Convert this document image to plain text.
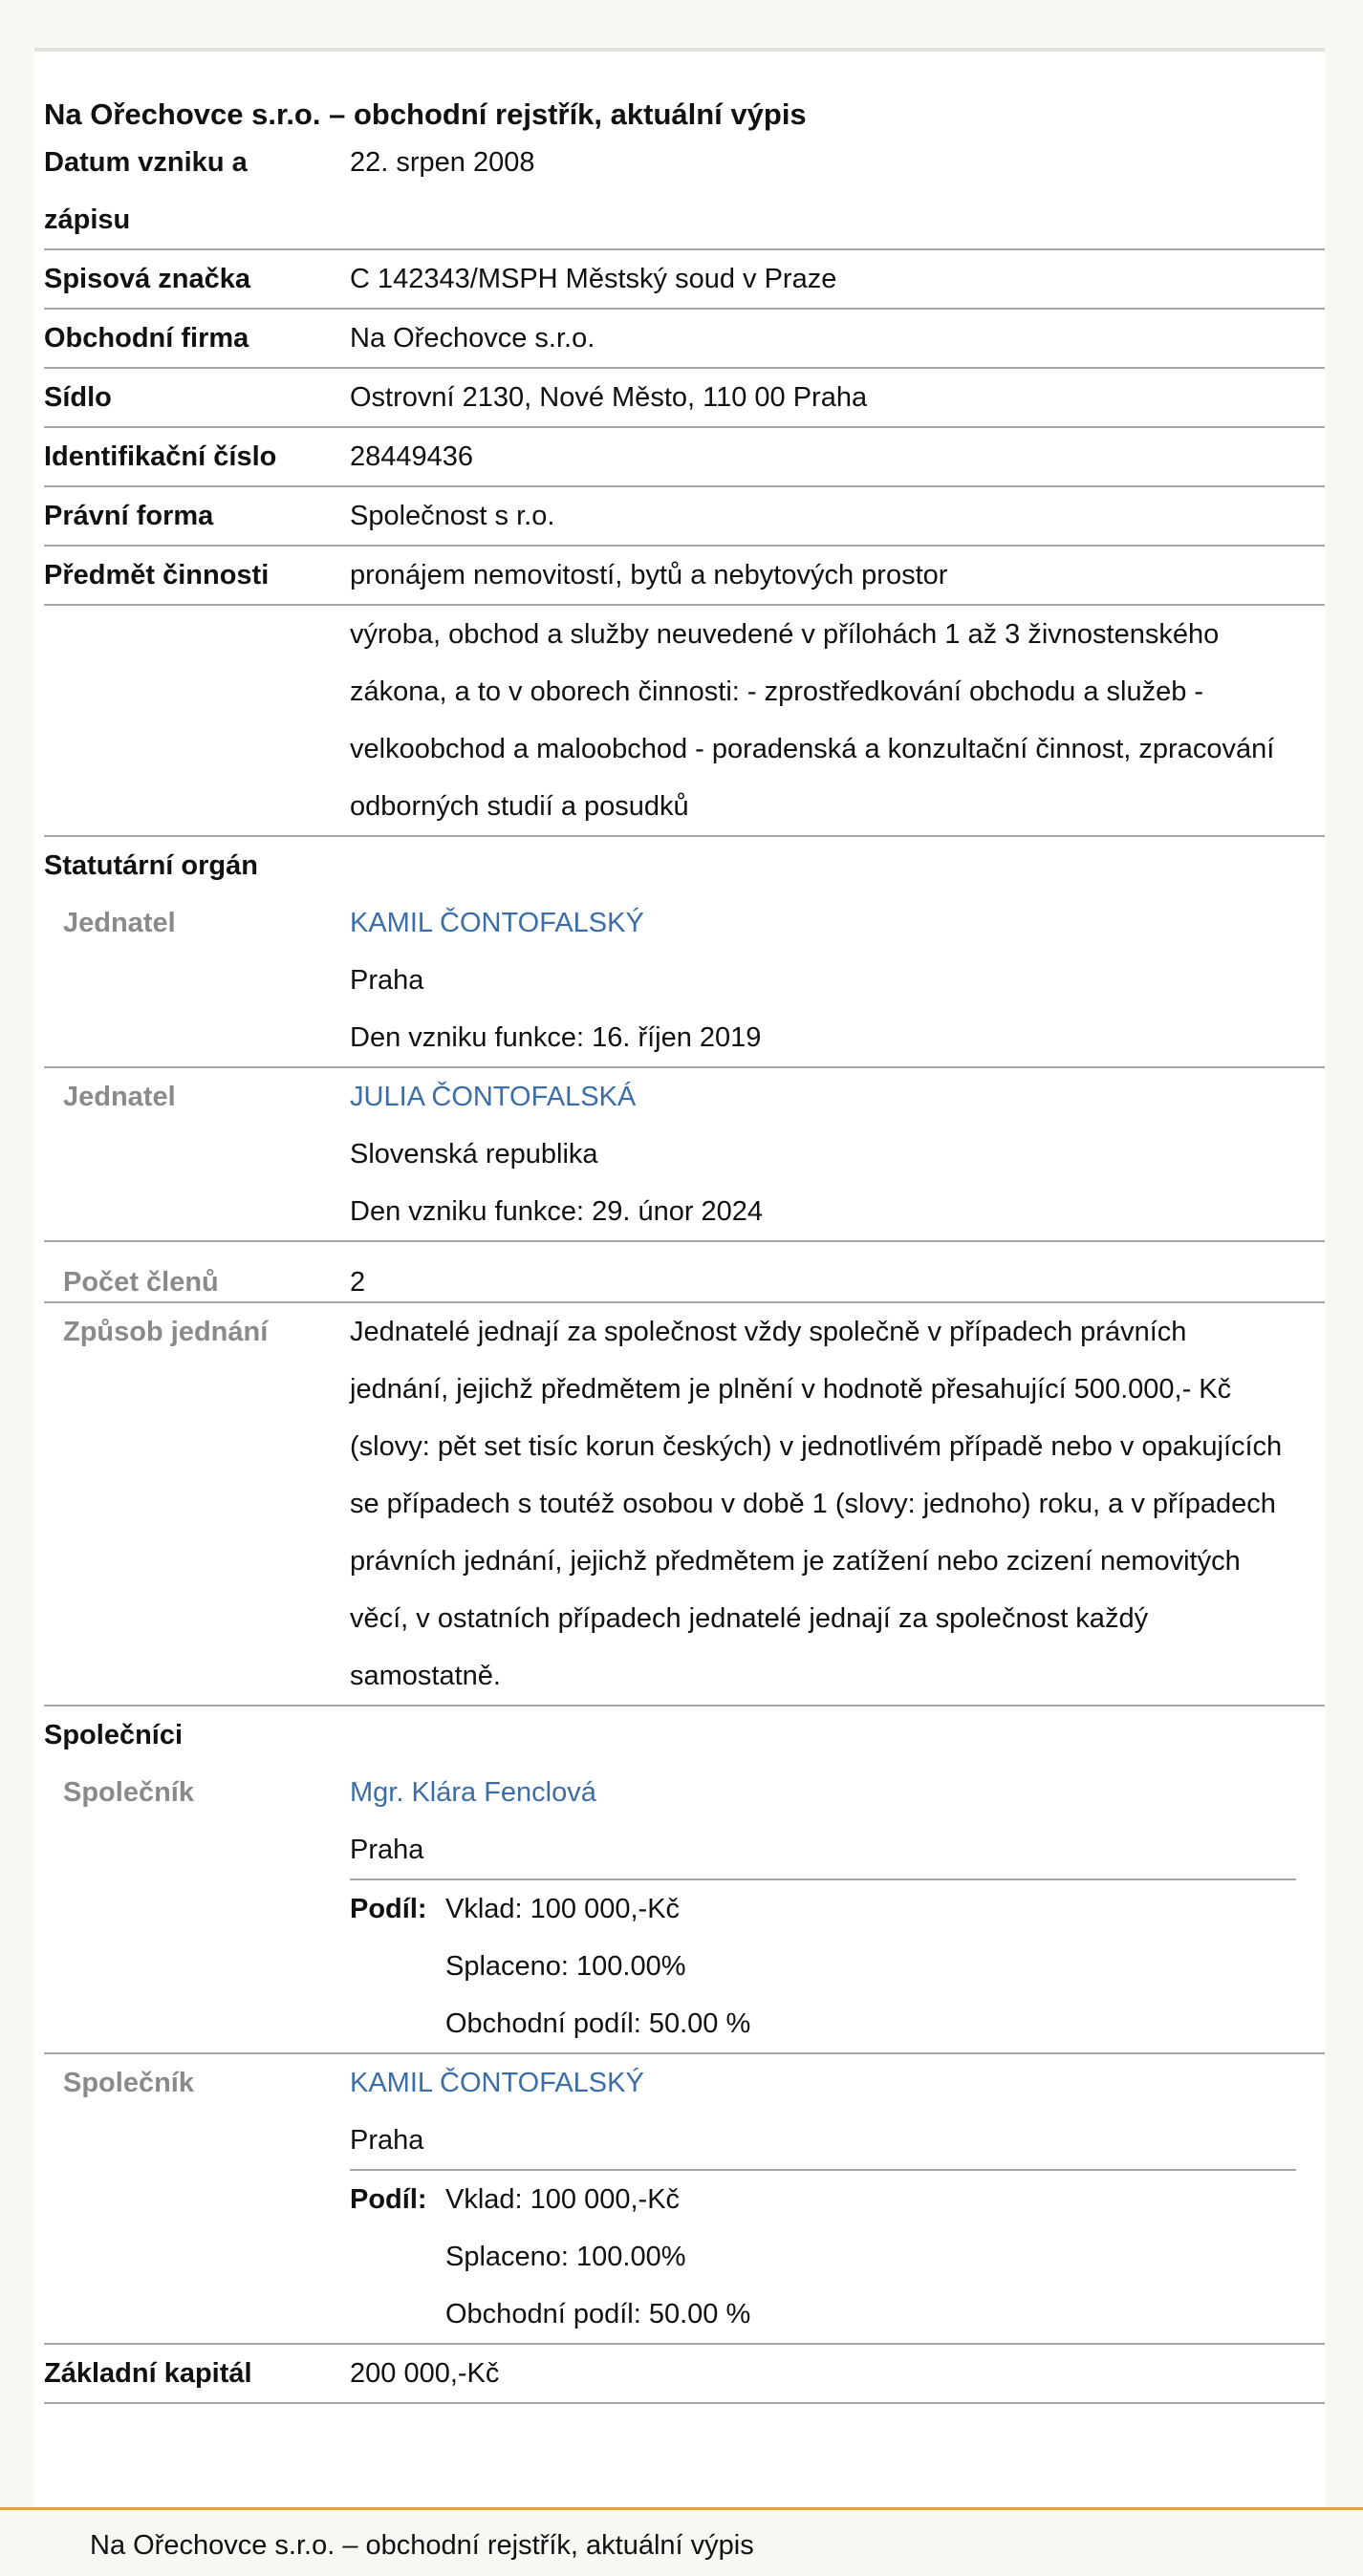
Na Ořechovce s.r.o. – obchodní rejstřík, aktuální výpis
Datum vzniku a
zápisu
	22. srpen 2008
Spisová značka	C 142343/MSPH Městský soud v Praze
Obchodní firma	Na Ořechovce s.r.o.
Sídlo	Ostrovní 2130, Nové Město, 110 00 Praha
Identifikační číslo	28449436
Právní forma	Společnost s r.o.
Předmět činnosti	pronájem nemovitostí, bytů a nebytových prostor

výroba, obchod a služby neuvedené v přílohách 1 až 3 živnostenského
zákona, a to v oborech činnosti: - zprostředkování obchodu a služeb -
velkoobchod a maloobchod - poradenská a konzultační činnost, zpracování
odborných studií a posudků

Statutární orgán
Jednatel	KAMIL ČONTOFALSKÝ
Praha
Den vzniku funkce: 16. říjen 2019

Jednatel	JULIA ČONTOFALSKÁ
Slovenská republika
Den vzniku funkce: 29. únor 2024

Počet členů	2
Způsob jednání	Jednatelé jednají za společnost vždy společně v případech právních
jednání, jejichž předmětem je plnění v hodnotě přesahující 500.000,- Kč
(slovy: pět set tisíc korun českých) v jednotlivém případě nebo v opakujících
se případech s toutéž osobou v době 1 (slovy: jednoho) roku, a v případech
právních jednání, jejichž předmětem je zatížení nebo zcizení nemovitých
věcí, v ostatních případech jednatelé jednají za společnost každý
samostatně.

Společníci
Společník	Mgr. Klára Fenclová
Praha
Podíl:	Vklad: 100 000,-Kč
Splaceno: 100.00%
Obchodní podíl: 50.00 %

Společník	KAMIL ČONTOFALSKÝ
Praha
Podíl:	Vklad: 100 000,-Kč
Splaceno: 100.00%
Obchodní podíl: 50.00 %

Základní kapitál	200 000,-Kč
Na Ořechovce s.r.o. – obchodní rejstřík, aktuální výpis
